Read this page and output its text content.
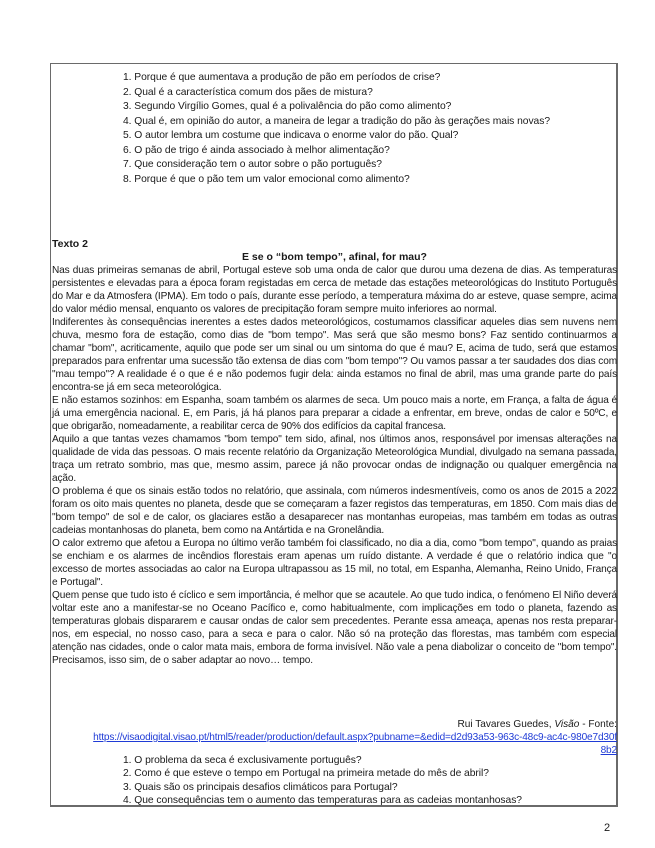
1. Porque é que aumentava a produção de pão em períodos de crise?
2. Qual é a característica comum dos pães de mistura?
3. Segundo Virgílio Gomes, qual é a polivalência do pão como alimento?
4. Qual é, em opinião do autor, a maneira de legar a tradição do pão às gerações mais novas?
5. O autor lembra um costume que indicava o enorme valor do pão. Qual?
6. O pão de trigo é ainda associado à melhor alimentação?
7. Que consideração tem o autor sobre o pão português?
8. Porque é que o pão tem um valor emocional como alimento?
Texto 2
E se o “bom tempo”, afinal, for mau?

Nas duas primeiras semanas de abril, Portugal esteve sob uma onda de calor que durou uma dezena de dias. As temperaturas persistentes e elevadas para a época foram registadas em cerca de metade das estações meteorológicas do Instituto Português do Mar e da Atmosfera (IPMA). Em todo o país, durante esse período, a temperatura máxima do ar esteve, quase sempre, acima do valor médio mensal, enquanto os valores de precipitação foram sempre muito inferiores ao normal.

Indiferentes às consequências inerentes a estes dados meteorológicos, costumamos classificar aqueles dias sem nuvens nem chuva, mesmo fora de estação, como dias de "bom tempo". Mas será que são mesmo bons? Faz sentido continuarmos a chamar "bom", acriticamente, aquilo que pode ser um sinal ou um sintoma do que é mau? E, acima de tudo, será que estamos preparados para enfrentar uma sucessão tão extensa de dias com "bom tempo"? Ou vamos passar a ter saudades dos dias com "mau tempo"? A realidade é o que é e não podemos fugir dela: ainda estamos no final de abril, mas uma grande parte do país encontra-se já em seca meteorológica.

E não estamos sozinhos: em Espanha, soam também os alarmes de seca. Um pouco mais a norte, em França, a falta de água é já uma emergência nacional. E, em Paris, já há planos para preparar a cidade a enfrentar, em breve, ondas de calor e 50ºC, e que obrigarão, nomeadamente, a reabilitar cerca de 90% dos edifícios da capital francesa.

Aquilo a que tantas vezes chamamos "bom tempo" tem sido, afinal, nos últimos anos, responsável por imensas alterações na qualidade de vida das pessoas. O mais recente relatório da Organização Meteorológica Mundial, divulgado na semana passada, traça um retrato sombrio, mas que, mesmo assim, parece já não provocar ondas de indignação ou qualquer emergência na ação.

O problema é que os sinais estão todos no relatório, que assinala, com números indesmentíveis, como os anos de 2015 a 2022 foram os oito mais quentes no planeta, desde que se começaram a fazer registos das temperaturas, em 1850. Com mais dias de "bom tempo" de sol e de calor, os glaciares estão a desaparecer nas montanhas europeias, mas também em todas as outras cadeias montanhosas do planeta, bem como na Antártida e na Gronelândia.

O calor extremo que afetou a Europa no último verão também foi classificado, no dia a dia, como "bom tempo", quando as praias se enchiam e os alarmes de incêndios florestais eram apenas um ruído distante. A verdade é que o relatório indica que "o excesso de mortes associadas ao calor na Europa ultrapassou as 15 mil, no total, em Espanha, Alemanha, Reino Unido, França e Portugal".

Quem pense que tudo isto é cíclico e sem importância, é melhor que se acautele. Ao que tudo indica, o fenómeno El Niño deverá voltar este ano a manifestar-se no Oceano Pacífico e, como habitualmente, com implicações em todo o planeta, fazendo as temperaturas globais dispararem e causar ondas de calor sem precedentes. Perante essa ameaça, apenas nos resta preparar-nos, em especial, no nosso caso, para a seca e para o calor. Não só na proteção das florestas, mas também com especial atenção nas cidades, onde o calor mata mais, embora de forma invisível. Não vale a pena diabolizar o conceito de "bom tempo". Precisamos, isso sim, de o saber adaptar ao novo… tempo.

Rui Tavares Guedes, Visão - Fonte:
https://visaodigital.visao.pt/html5/reader/production/default.aspx?pubname=&edid=d2d93a53-963c-48c9-ac4c-980e7d30f8b2
1. O problema da seca é exclusivamente português?
2. Como é que esteve o tempo em Portugal na primeira metade do mês de abril?
3. Quais são os principais desafios climáticos para Portugal?
4. Que consequências tem o aumento das temperaturas para as cadeias montanhosas?
2
